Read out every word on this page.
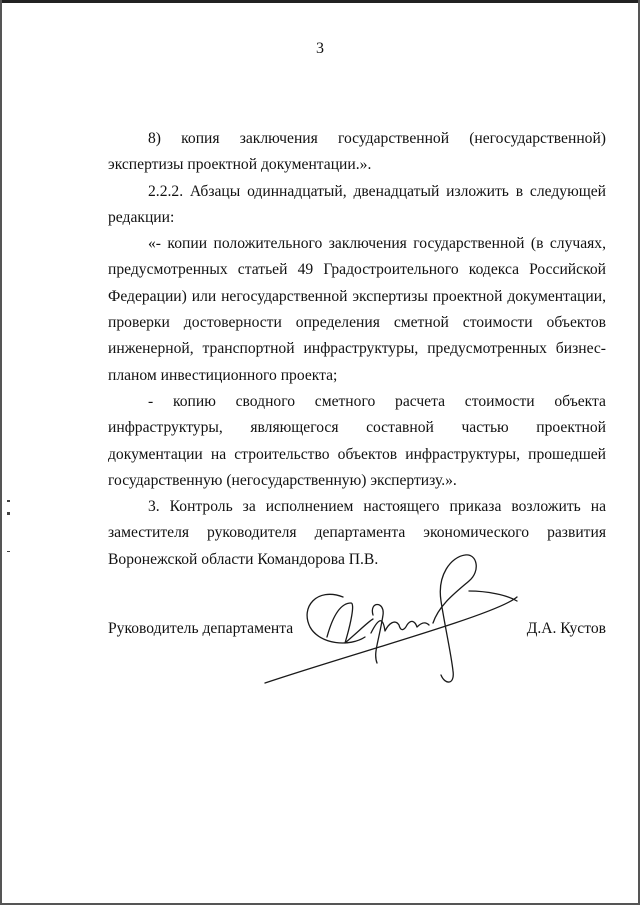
3

8) копия заключения государственной (негосударственной) экспертизы проектной документации.».

2.2.2. Абзацы одиннадцатый, двенадцатый изложить в следующей редакции:

«- копии положительного заключения государственной (в случаях, предусмотренных статьей 49 Градостроительного кодекса Российской Федерации) или негосударственной экспертизы проектной документации, проверки достоверности определения сметной стоимости объектов инженерной, транспортной инфраструктуры, предусмотренных бизнес-планом инвестиционного проекта;

- копию сводного сметного расчета стоимости объекта

инфраструктуры, являющегося составной частью проектной документации на строительство объектов инфраструктуры, прошедшей государственную (негосударственную) экспертизу.».

3. Контроль за исполнением настоящего приказа возложить на

заместителя руководителя департамента экономического развития

Воронежской области Командорова П.В.

Руководитель департамента	Д.А. Кустов
